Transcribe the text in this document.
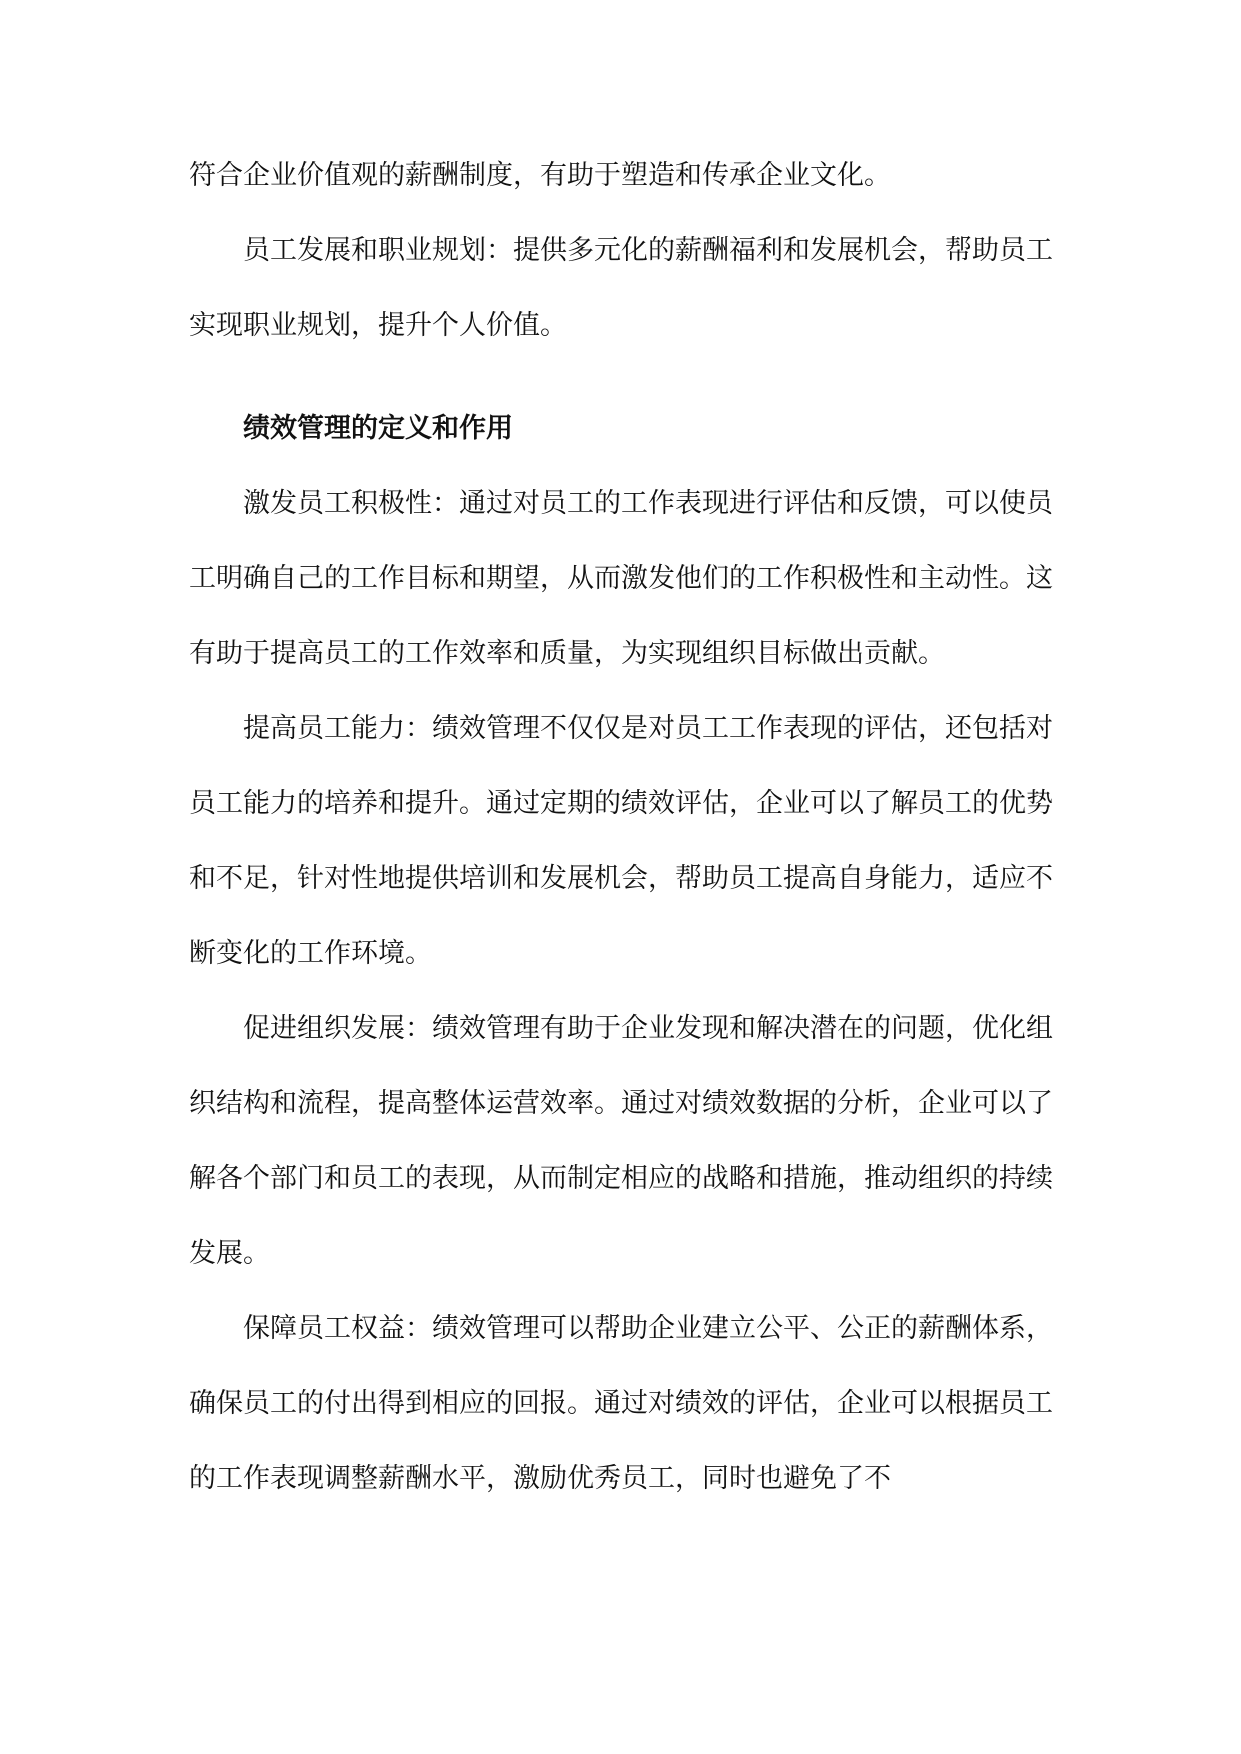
符合企业价值观的薪酬制度，有助于塑造和传承企业文化。

员工发展和职业规划：提供多元化的薪酬福利和发展机会，帮助员工实现职业规划，提升个人价值。

绩效管理的定义和作用

激发员工积极性：通过对员工的工作表现进行评估和反馈，可以使员工明确自己的工作目标和期望，从而激发他们的工作积极性和主动性。这有助于提高员工的工作效率和质量，为实现组织目标做出贡献。

提高员工能力：绩效管理不仅仅是对员工工作表现的评估，还包括对员工能力的培养和提升。通过定期的绩效评估，企业可以了解员工的优势和不足，针对性地提供培训和发展机会，帮助员工提高自身能力，适应不断变化的工作环境。

促进组织发展：绩效管理有助于企业发现和解决潜在的问题，优化组织结构和流程，提高整体运营效率。通过对绩效数据的分析，企业可以了解各个部门和员工的表现，从而制定相应的战略和措施，推动组织的持续发展。

保障员工权益：绩效管理可以帮助企业建立公平、公正的薪酬体系，确保员工的付出得到相应的回报。通过对绩效的评估，企业可以根据员工的工作表现调整薪酬水平，激励优秀员工，同时也避免了不
